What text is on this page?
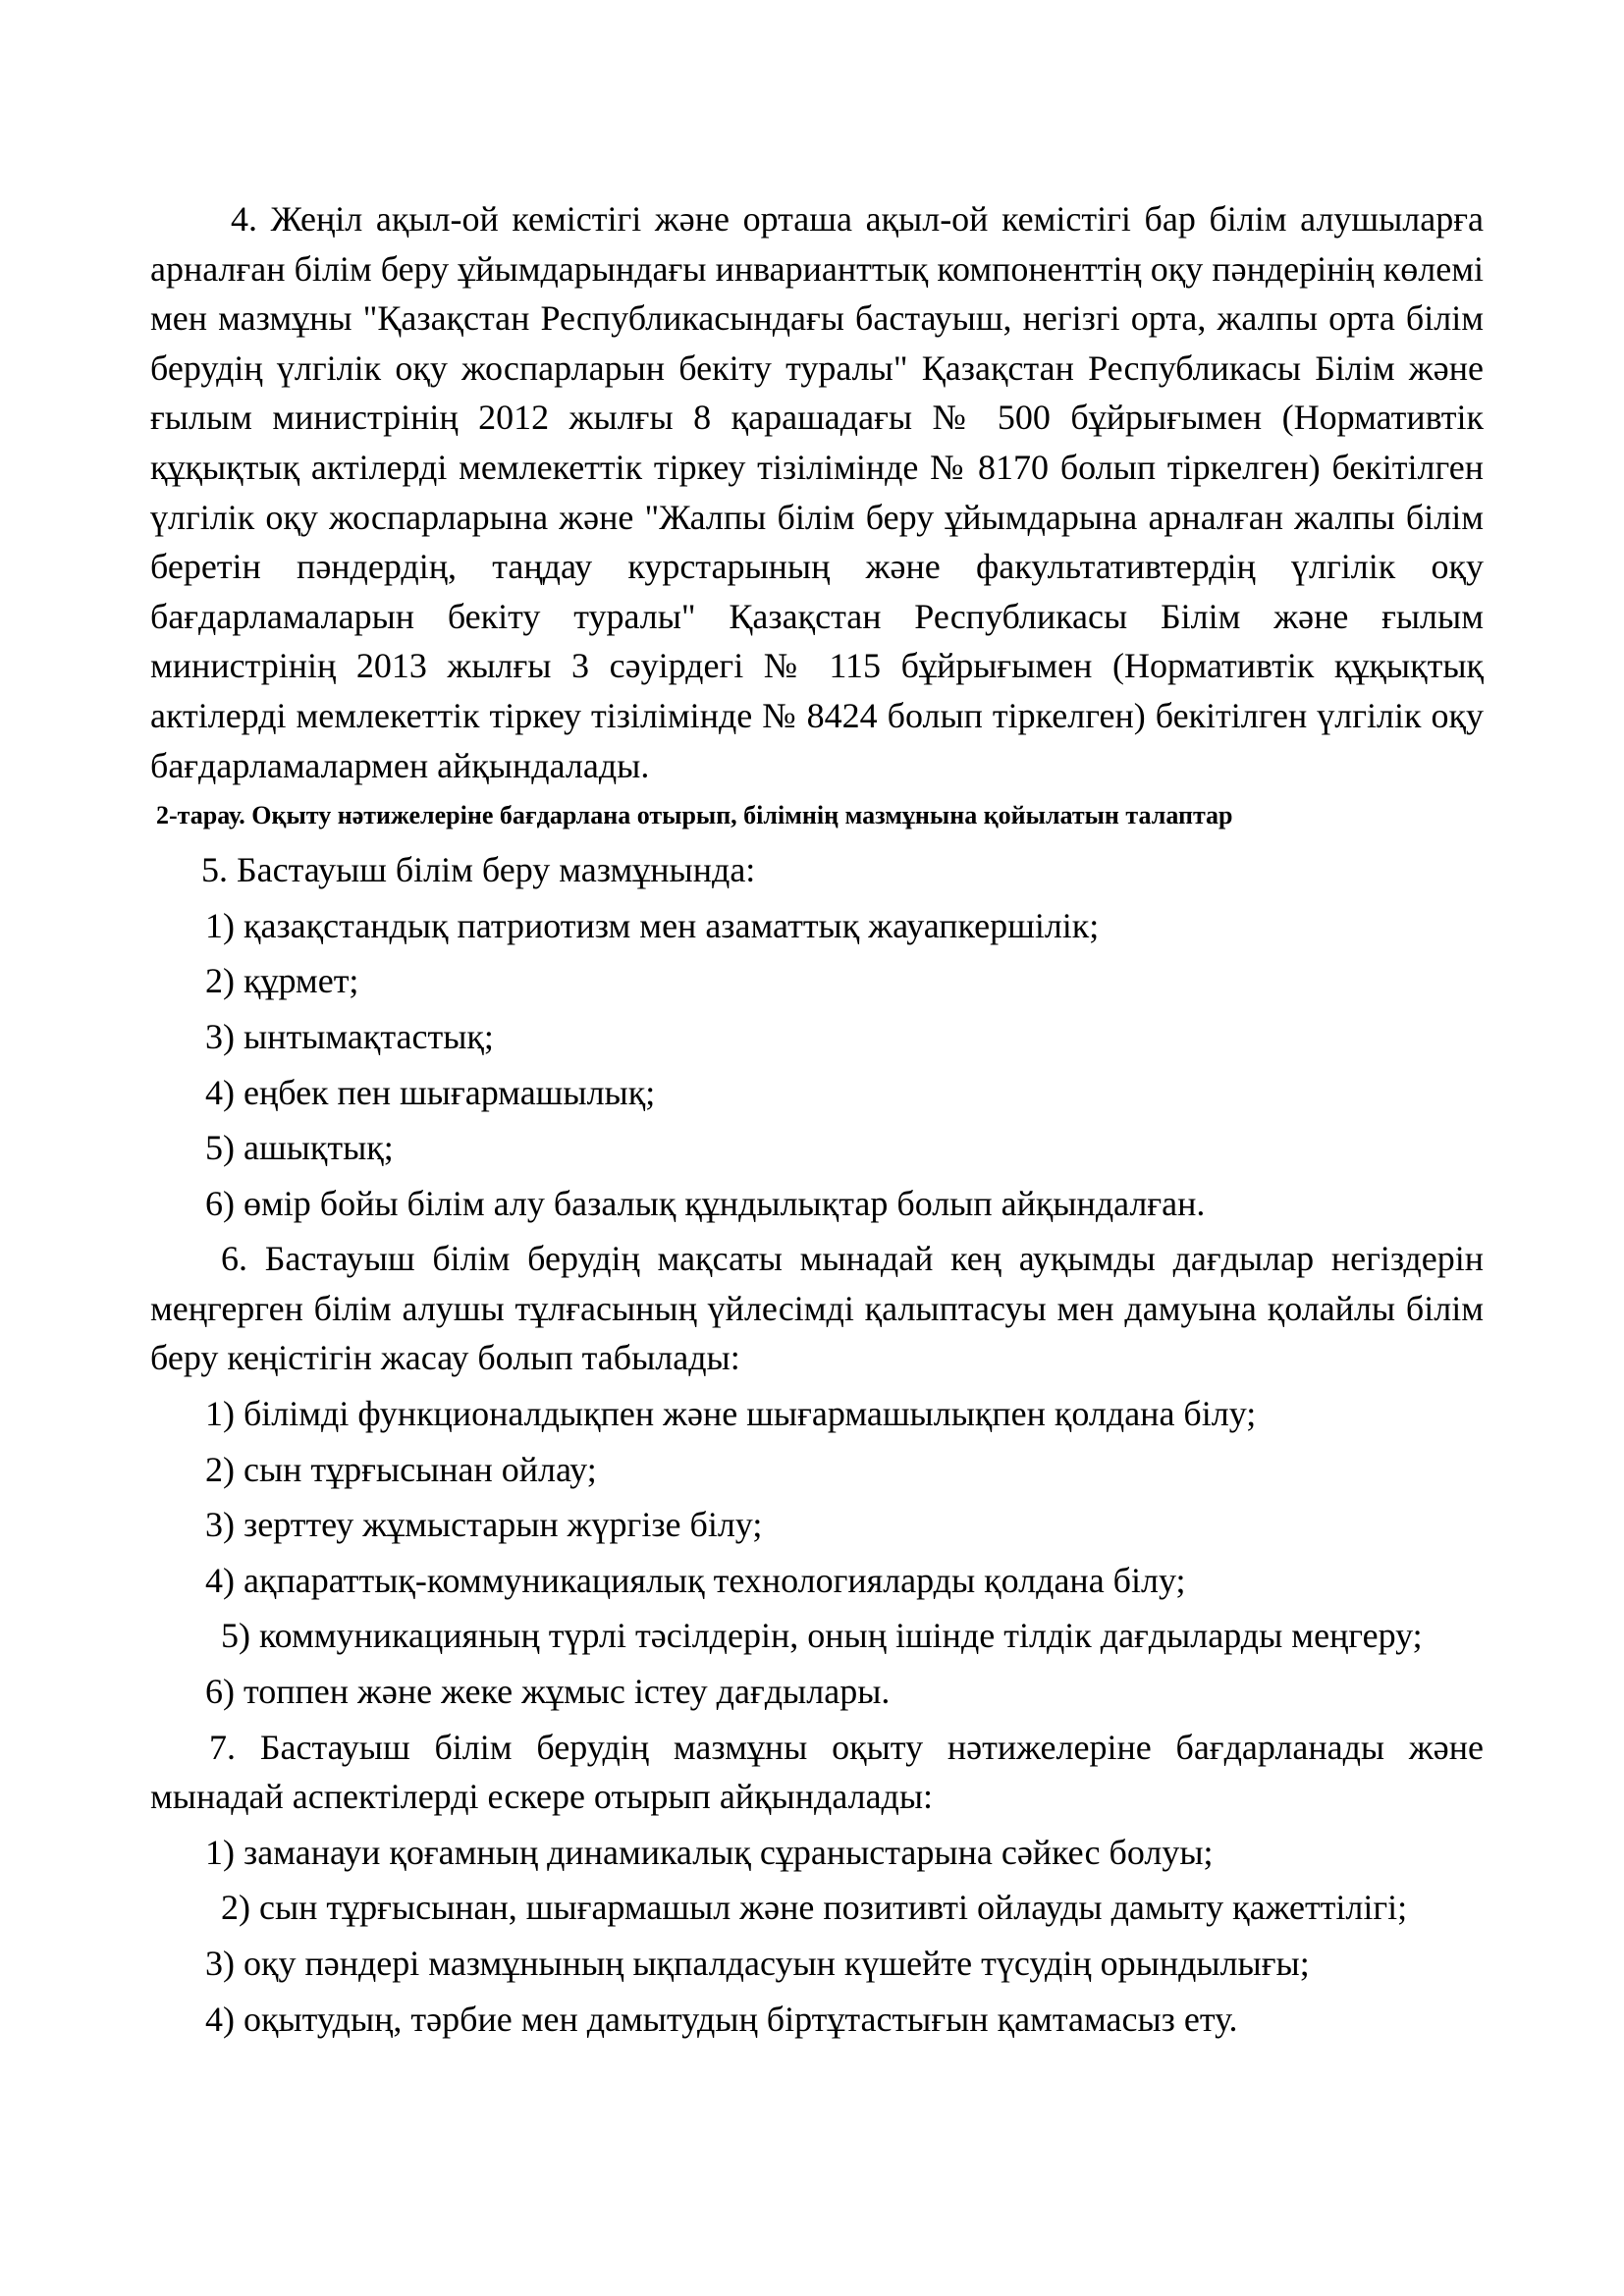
4. Жеңіл ақыл-ой кемістігі және орташа ақыл-ой кемістігі бар білім алушыларға арналған білім беру ұйымдарындағы инварианттық компоненттің оқу пәндерінің көлемі мен мазмұны "Қазақстан Республикасындағы бастауыш, негізгі орта, жалпы орта білім берудің үлгілік оқу жоспарларын бекіту туралы" Қазақстан Республикасы Білім және ғылым министрінің 2012 жылғы 8 қарашадағы № 500 бұйрығымен (Нормативтік құқықтық актілерді мемлекеттік тіркеу тізілімінде № 8170 болып тіркелген) бекітілген үлгілік оқу жоспарларына және "Жалпы білім беру ұйымдарына арналған жалпы білім беретін пәндердің, таңдау курстарының және факультативтердің үлгілік оқу бағдарламаларын бекіту туралы" Қазақстан Республикасы Білім және ғылым министрінің 2013 жылғы 3 сәуірдегі № 115 бұйрығымен (Нормативтік құқықтық актілерді мемлекеттік тіркеу тізілімінде № 8424 болып тіркелген) бекітілген үлгілік оқу бағдарламалармен айқындалады.

2-тарау. Оқыту нәтижелеріне бағдарлана отырып, білімнің мазмұнына қойылатын талаптар

5. Бастауыш білім беру мазмұнында:

1) қазақстандық патриотизм мен азаматтық жауапкершілік;

2) құрмет;

3) ынтымақтастық;

4) еңбек пен шығармашылық;

5) ашықтық;

6) өмір бойы білім алу базалық құндылықтар болып айқындалған.

6. Бастауыш білім берудің мақсаты мынадай кең ауқымды дағдылар негіздерін меңгерген білім алушы тұлғасының үйлесімді қалыптасуы мен дамуына қолайлы білім беру кеңістігін жасау болып табылады:

1) білімді функционалдықпен және шығармашылықпен қолдана білу;

2) сын тұрғысынан ойлау;

3) зерттеу жұмыстарын жүргізе білу;

4) ақпараттық-коммуникациялық технологияларды қолдана білу;

5) коммуникацияның түрлі тәсілдерін, оның ішінде тілдік дағдыларды меңгеру;

6) топпен және жеке жұмыс істеу дағдылары.

7. Бастауыш білім берудің мазмұны оқыту нәтижелеріне бағдарланады және мынадай аспектілерді ескере отырып айқындалады:

1) заманауи қоғамның динамикалық сұраныстарына сәйкес болуы;

2) сын тұрғысынан, шығармашыл және позитивті ойлауды дамыту қажеттілігі;

3) оқу пәндері мазмұнының ықпалдасуын күшейте түсудің орындылығы;

4) оқытудың, тәрбие мен дамытудың біртұтастығын қамтамасыз ету.
